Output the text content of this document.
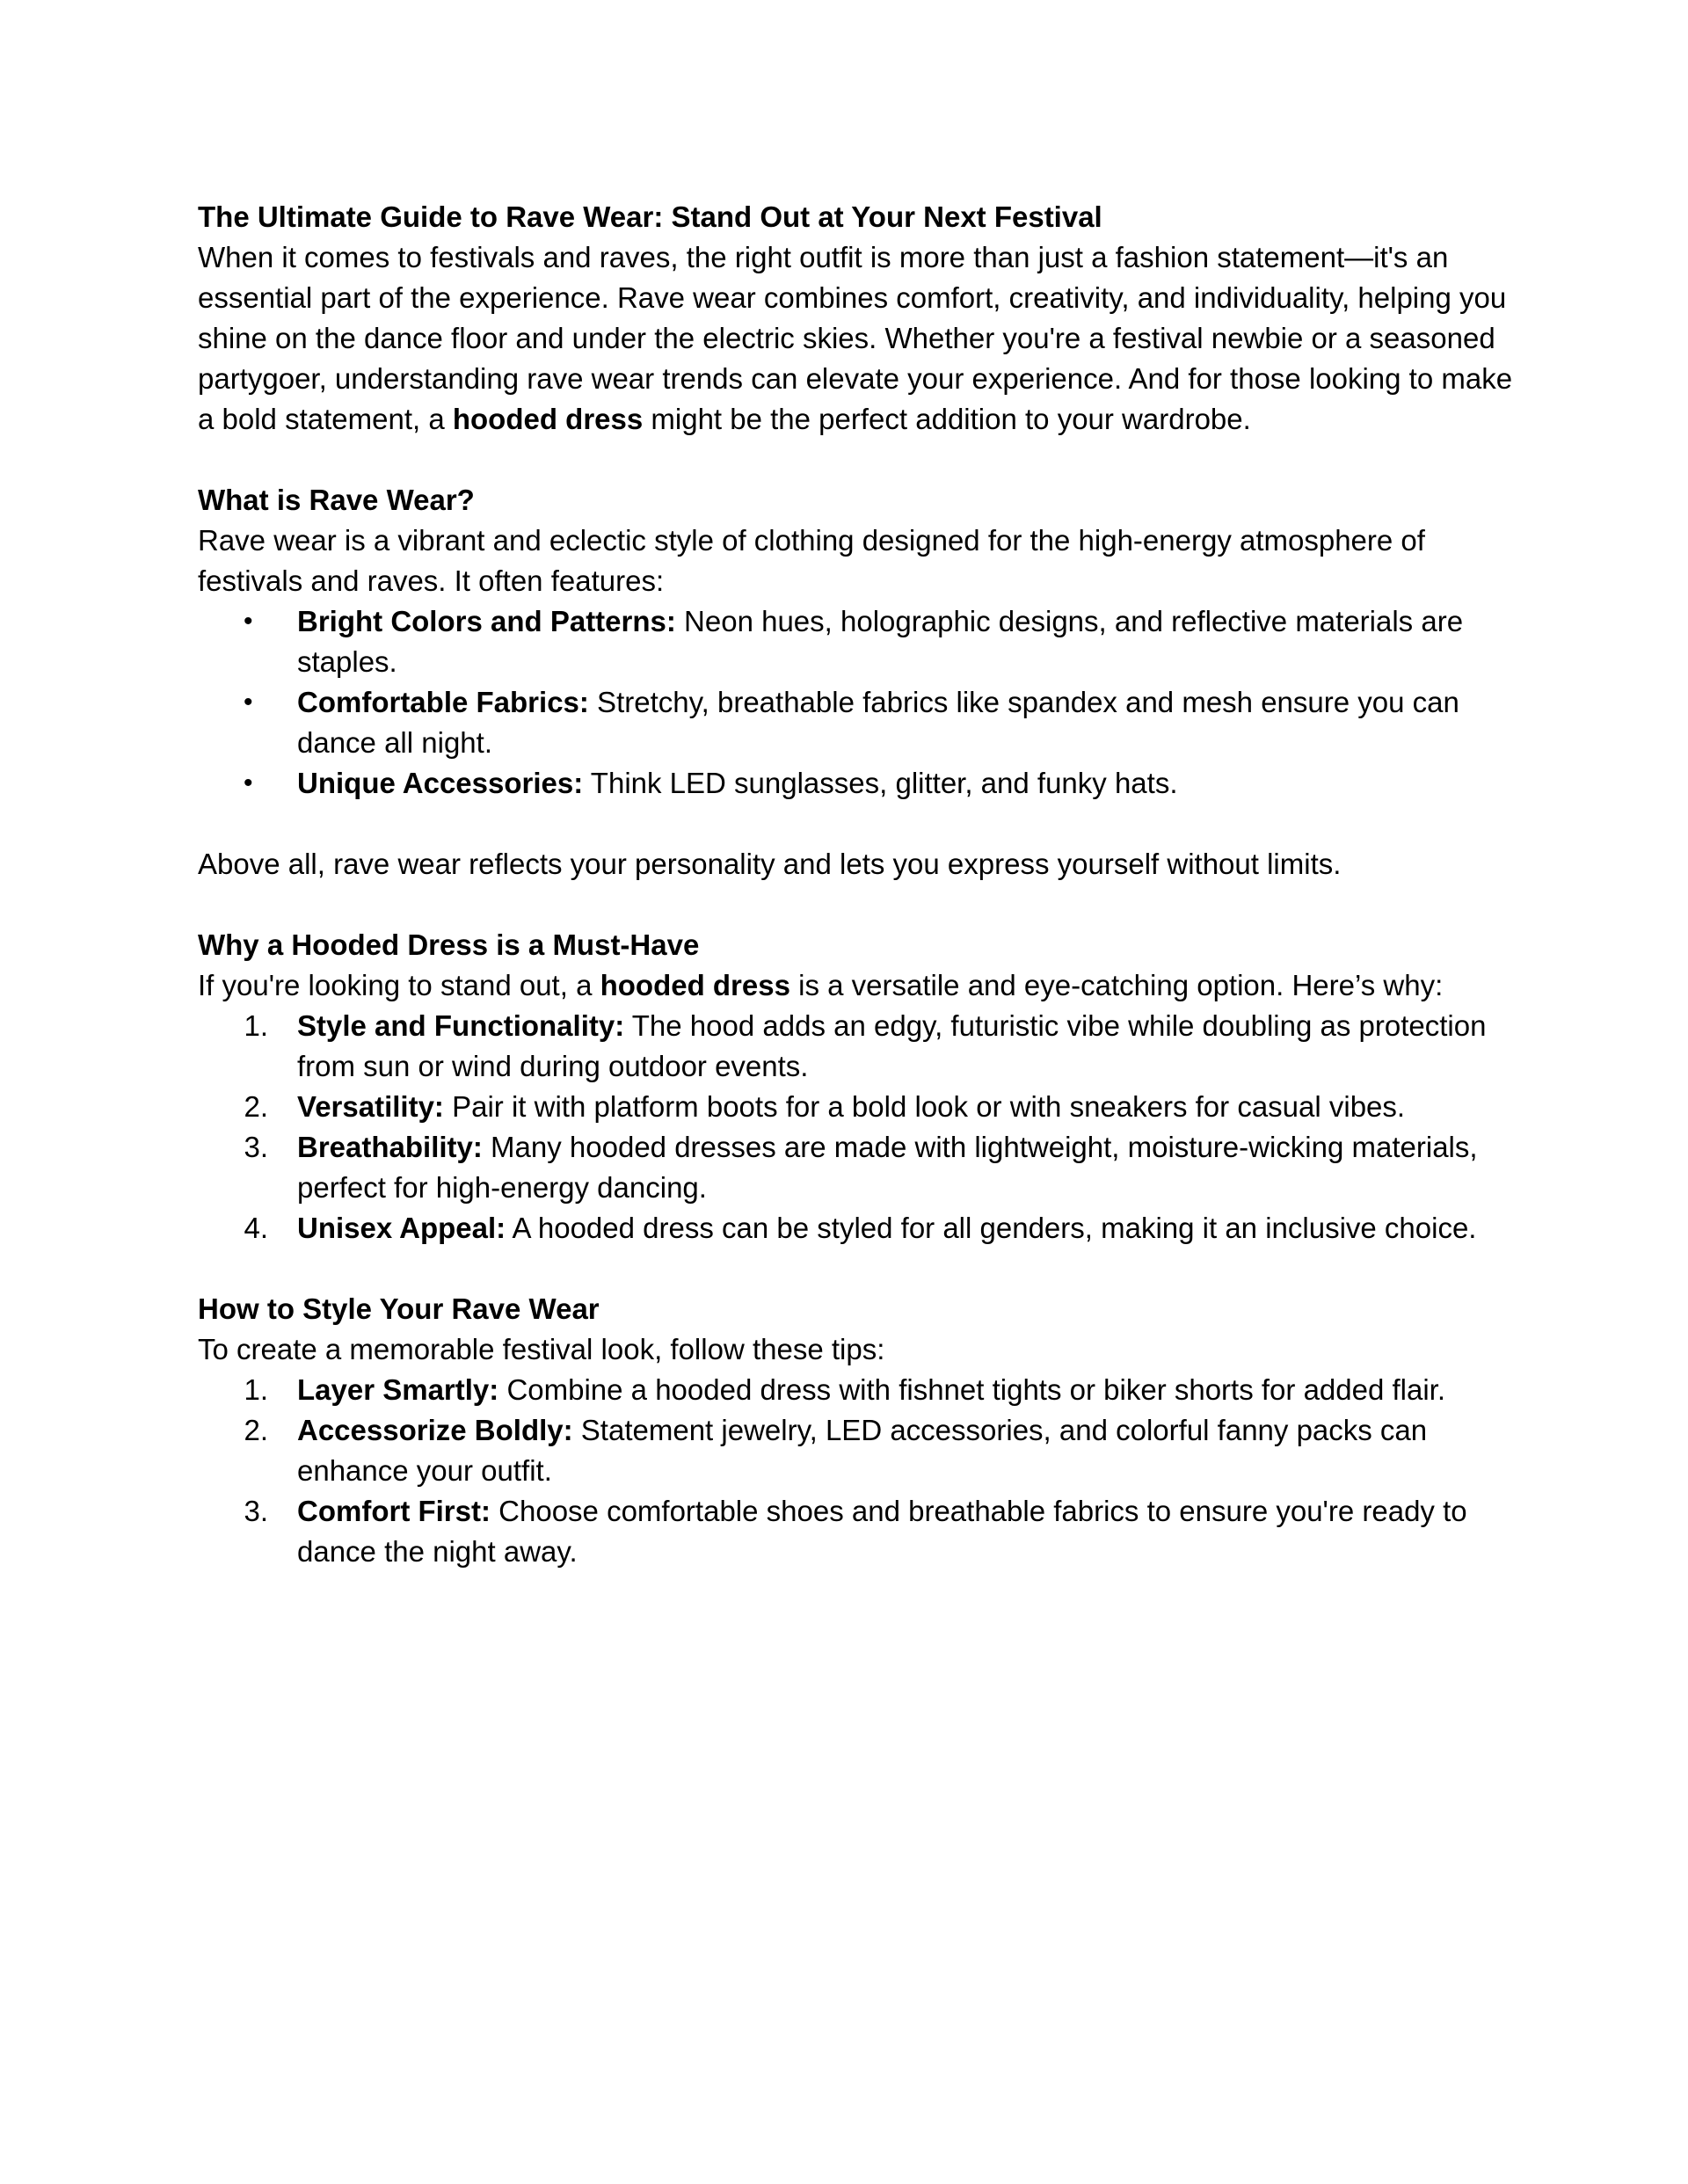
The Ultimate Guide to Rave Wear: Stand Out at Your Next Festival

When it comes to festivals and raves, the right outfit is more than just a fashion statement—it's an essential part of the experience. Rave wear combines comfort, creativity, and individuality, helping you shine on the dance floor and under the electric skies. Whether you're a festival newbie or a seasoned partygoer, understanding rave wear trends can elevate your experience. And for those looking to make a bold statement, a hooded dress might be the perfect addition to your wardrobe.

What is Rave Wear?

Rave wear is a vibrant and eclectic style of clothing designed for the high-energy atmosphere of festivals and raves. It often features:

•	Bright Colors and Patterns: Neon hues, holographic designs, and reflective materials are staples.
•	Comfortable Fabrics: Stretchy, breathable fabrics like spandex and mesh ensure you can dance all night.
•	Unique Accessories: Think LED sunglasses, glitter, and funky hats.

Above all, rave wear reflects your personality and lets you express yourself without limits.

Why a Hooded Dress is a Must-Have

If you're looking to stand out, a hooded dress is a versatile and eye-catching option. Here’s why:

1. Style and Functionality: The hood adds an edgy, futuristic vibe while doubling as protection from sun or wind during outdoor events.
2. Versatility: Pair it with platform boots for a bold look or with sneakers for casual vibes.
3. Breathability: Many hooded dresses are made with lightweight, moisture-wicking materials, perfect for high-energy dancing.
4. Unisex Appeal: A hooded dress can be styled for all genders, making it an inclusive choice.

How to Style Your Rave Wear

To create a memorable festival look, follow these tips:

1. Layer Smartly: Combine a hooded dress with fishnet tights or biker shorts for added flair.
2. Accessorize Boldly: Statement jewelry, LED accessories, and colorful fanny packs can enhance your outfit.
3. Comfort First: Choose comfortable shoes and breathable fabrics to ensure you're ready to dance the night away.
